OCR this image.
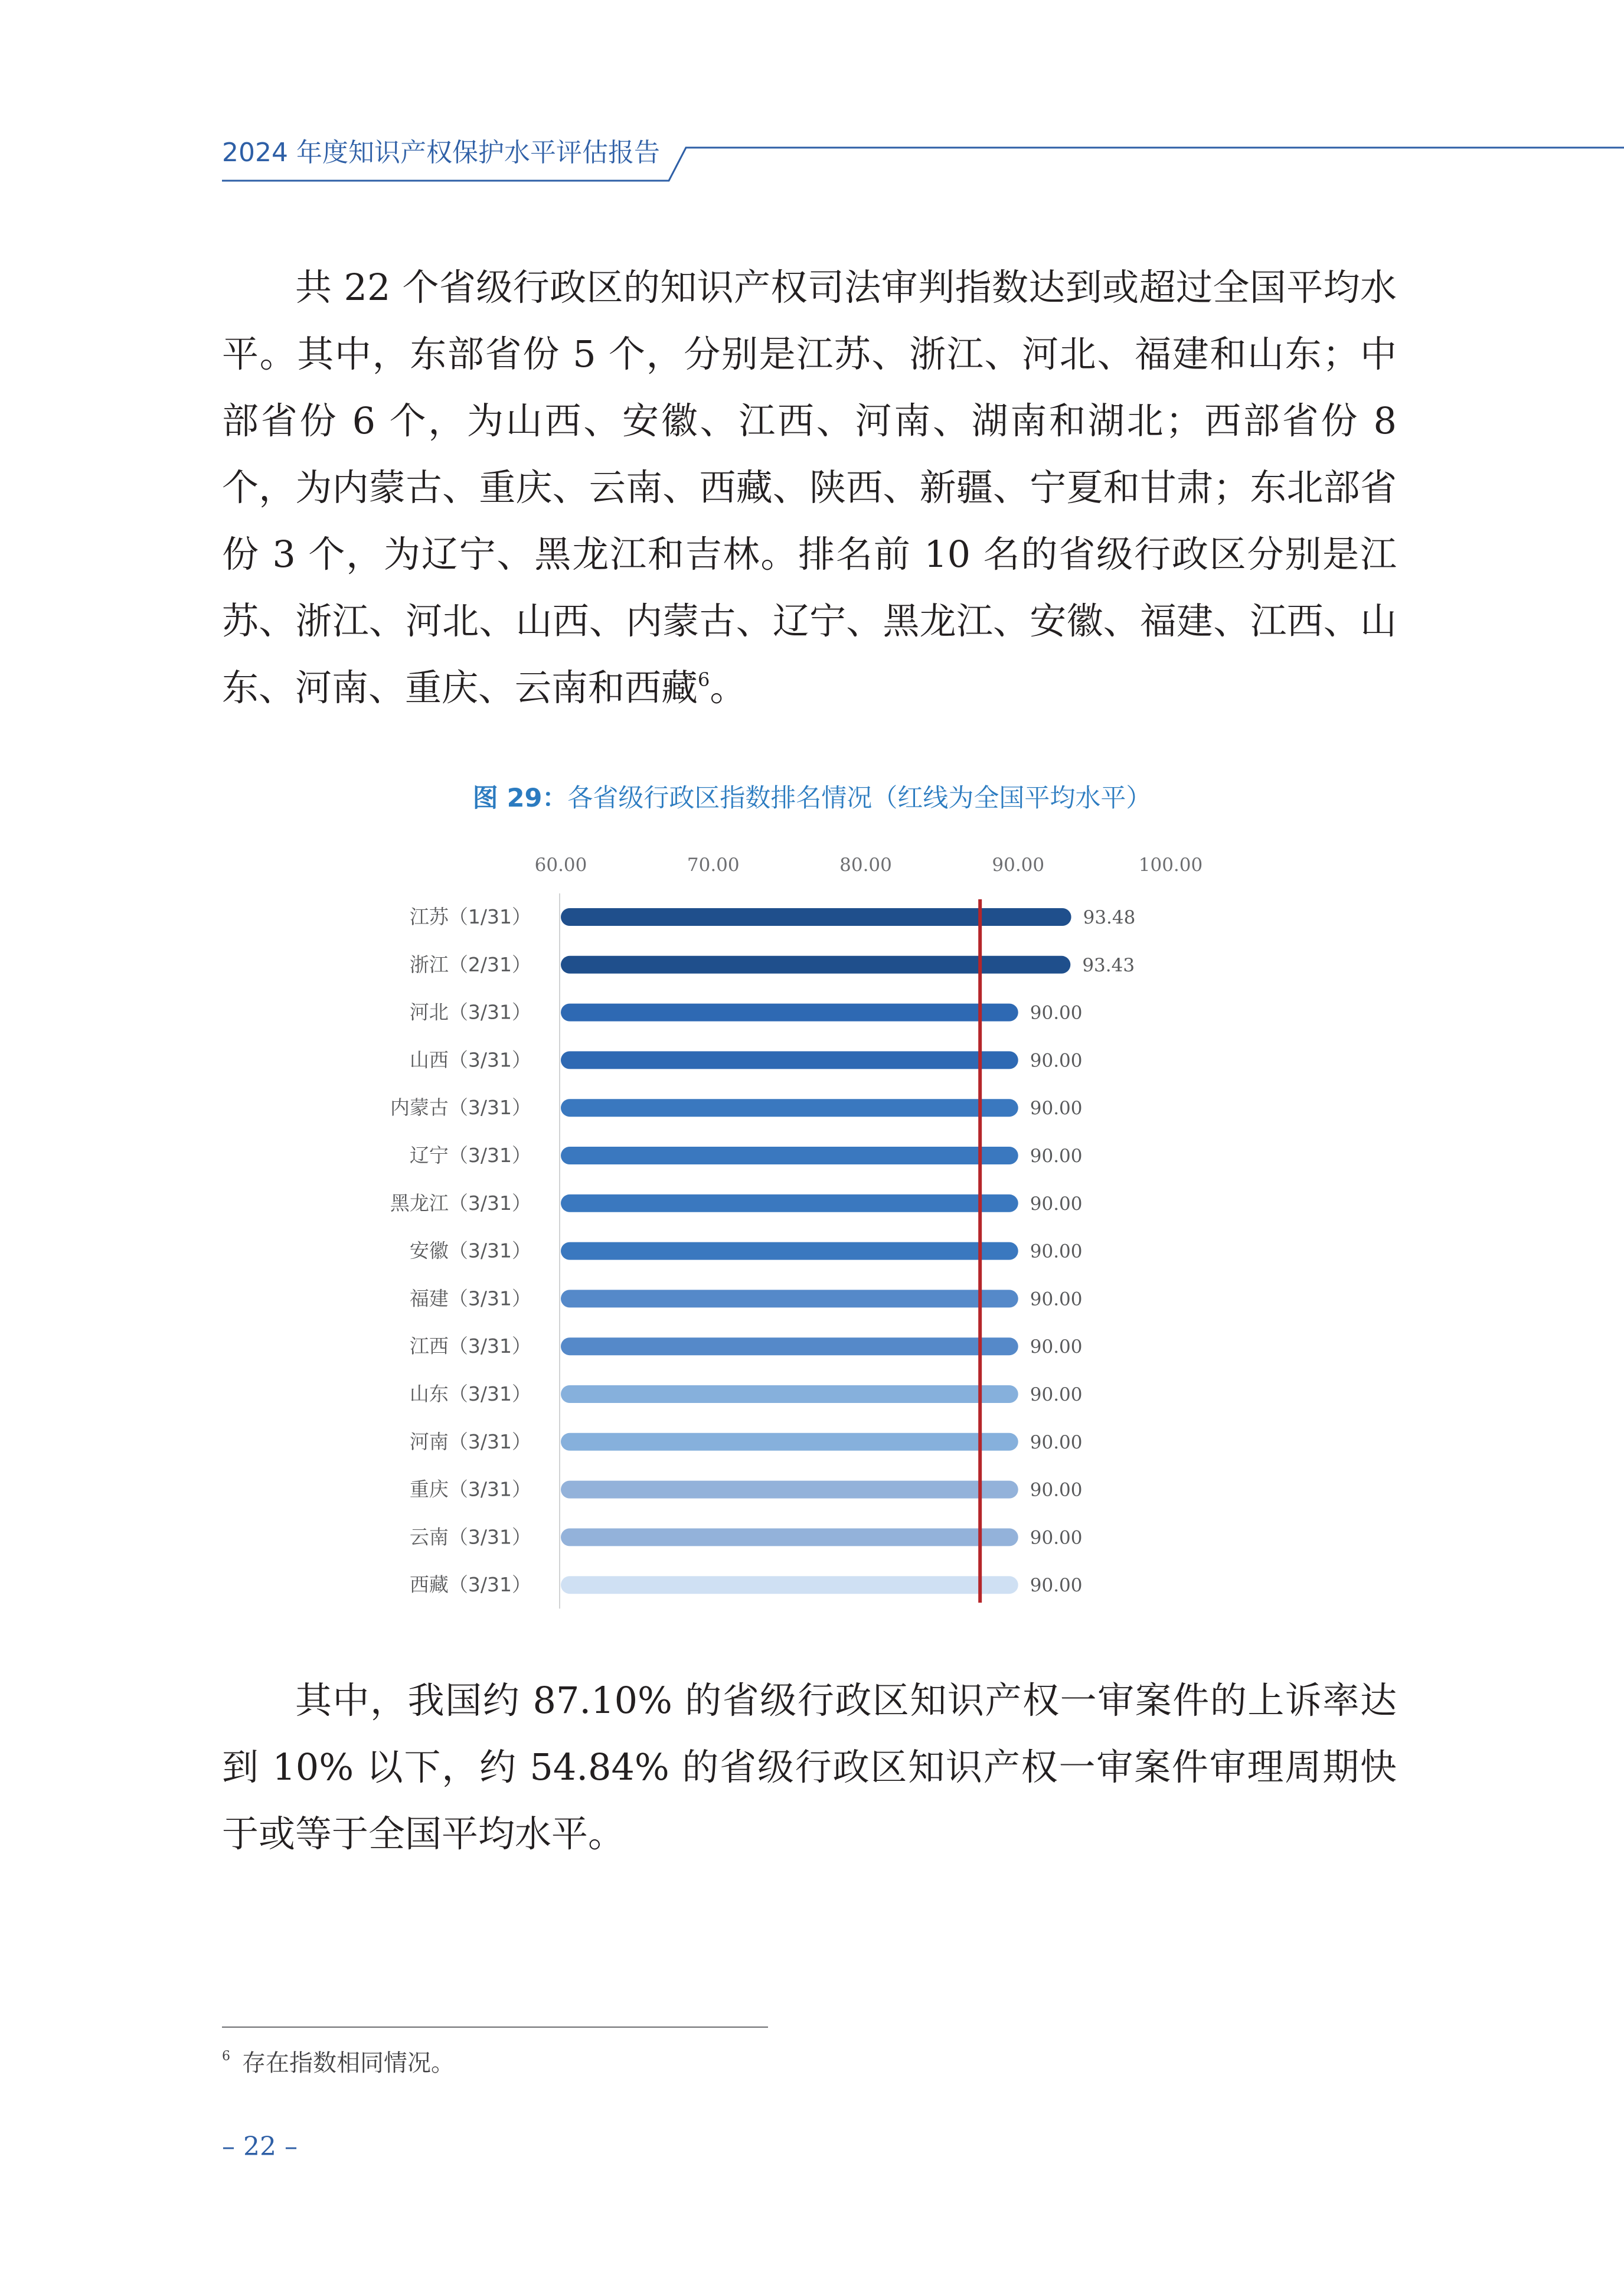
2024 年度知识产权保护水平评估报告

共 22 个省级行政区的知识产权司法审判指数达到或超过全国平均水平。其中，东部省份 5 个，分别是江苏、浙江、河北、福建和山东；中部省份 6 个，为山西、安徽、江西、河南、湖南和湖北；西部省份 8 个，为内蒙古、重庆、云南、西藏、陕西、新疆、宁夏和甘肃；东北部省份 3 个，为辽宁、黑龙江和吉林。排名前 10 名的省级行政区分别是江苏、浙江、河北、山西、内蒙古、辽宁、黑龙江、安徽、福建、江西、山东、河南、重庆、云南和西藏$^6$。

图 29：各省级行政区指数排名情况（红线为全国平均水平）
60.00	70.00	80.00	90.00	100.00
江苏（1/31）	93.48
浙江（2/31）	93.43
河北（3/31）	90.00
山西（3/31）	90.00
内蒙古（3/31）	90.00
辽宁（3/31）	90.00
黑龙江（3/31）	90.00
安徽（3/31）	90.00
福建（3/31）	90.00
江西（3/31）	90.00
山东（3/31）	90.00
河南（3/31）	90.00
重庆（3/31）	90.00
云南（3/31）	90.00
西藏（3/31）	90.00

其中，我国约 87.10% 的省级行政区知识产权一审案件的上诉率达到 10% 以下，约 54.84% 的省级行政区知识产权一审案件审理周期快于或等于全国平均水平。

$^6$ 存在指数相同情况。
– 22 –
